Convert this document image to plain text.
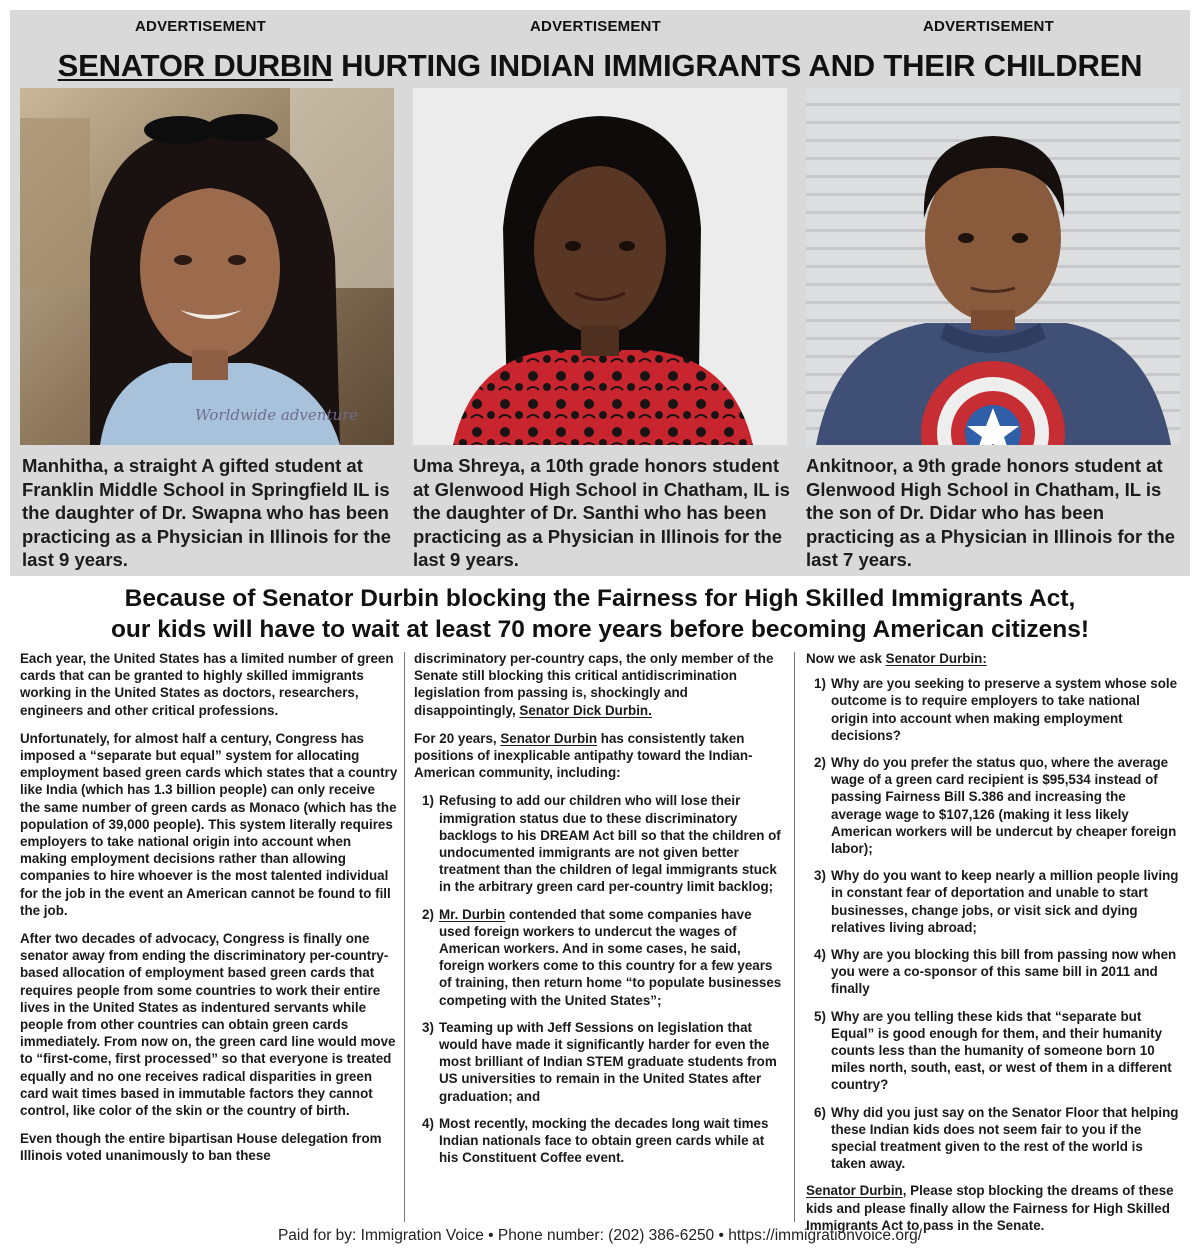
ADVERTISEMENT	ADVERTISEMENT	ADVERTISEMENT
SENATOR DURBIN HURTING INDIAN IMMIGRANTS AND THEIR CHILDREN
Worldwide adventure

Manhitha, a straight A gifted student at Franklin Middle School in Springfield IL is the daughter of Dr. Swapna who has been practicing as a Physician in Illinois for the last 9 years.

Uma Shreya, a 10th grade honors student at Glenwood High School in Chatham, IL is the daughter of Dr. Santhi who has been practicing as a Physician in Illinois for the last 9 years.

Ankitnoor, a 9th grade honors student at Glenwood High School in Chatham, IL is the son of Dr. Didar who has been practicing as a Physician in Illinois for the last 7 years.

Because of Senator Durbin blocking the Fairness for High Skilled Immigrants Act,
our kids will have to wait at least 70 more years before becoming American citizens!

Each year, the United States has a limited number of green cards that can be granted to highly skilled immigrants working in the United States as doctors, researchers, engineers and other critical professions.

Unfortunately, for almost half a century, Congress has imposed a “separate but equal” system for allocating employment based green cards which states that a country like India (which has 1.3 billion people) can only receive the same number of green cards as Monaco (which has the population of 39,000 people). This system literally requires employers to take national origin into account when making employment decisions rather than allowing companies to hire whoever is the most talented individual for the job in the event an American cannot be found to fill the job.

After two decades of advocacy, Congress is finally one senator away from ending the discriminatory per-country-based allocation of employment based green cards that requires people from some countries to work their entire lives in the United States as indentured servants while people from other countries can obtain green cards immediately. From now on, the green card line would move to “first-come, first processed” so that everyone is treated equally and no one receives radical disparities in green card wait times based in immutable factors they cannot control, like color of the skin or the country of birth.

Even though the entire bipartisan House delegation from Illinois voted unanimously to ban these

discriminatory per-country caps, the only member of the Senate still blocking this critical antidiscrimination legislation from passing is, shockingly and disappointingly, Senator Dick Durbin.

For 20 years, Senator Durbin has consistently taken positions of inexplicable antipathy toward the Indian-American community, including:

1) Refusing to add our children who will lose their immigration status due to these discriminatory backlogs to his DREAM Act bill so that the children of undocumented immigrants are not given better treatment than the children of legal immigrants stuck in the arbitrary green card per-country limit backlog;
2) Mr. Durbin contended that some companies have used foreign workers to undercut the wages of American workers. And in some cases, he said, foreign workers come to this country for a few years of training, then return home “to populate businesses competing with the United States”;
3) Teaming up with Jeff Sessions on legislation that would have made it significantly harder for even the most brilliant of Indian STEM graduate students from US universities to remain in the United States after graduation; and
4) Most recently, mocking the decades long wait times Indian nationals face to obtain green cards while at his Constituent Coffee event.

Now we ask Senator Durbin:

1) Why are you seeking to preserve a system whose sole outcome is to require employers to take national origin into account when making employment decisions?
2) Why do you prefer the status quo, where the average wage of a green card recipient is $95,534 instead of passing Fairness Bill S.386 and increasing the average wage to $107,126 (making it less likely American workers will be undercut by cheaper foreign labor);
3) Why do you want to keep nearly a million people living in constant fear of deportation and unable to start businesses, change jobs, or visit sick and dying relatives living abroad;
4) Why are you blocking this bill from passing now when you were a co-sponsor of this same bill in 2011 and finally
5) Why are you telling these kids that “separate but Equal” is good enough for them, and their humanity counts less than the humanity of someone born 10 miles north, south, east, or west of them in a different country?
6) Why did you just say on the Senator Floor that helping these Indian kids does not seem fair to you if the special treatment given to the rest of the world is taken away.

Senator Durbin, Please stop blocking the dreams of these kids and please finally allow the Fairness for High Skilled Immigrants Act to pass in the Senate.

Paid for by: Immigration Voice • Phone number: (202) 386-6250 • https://immigrationvoice.org/
